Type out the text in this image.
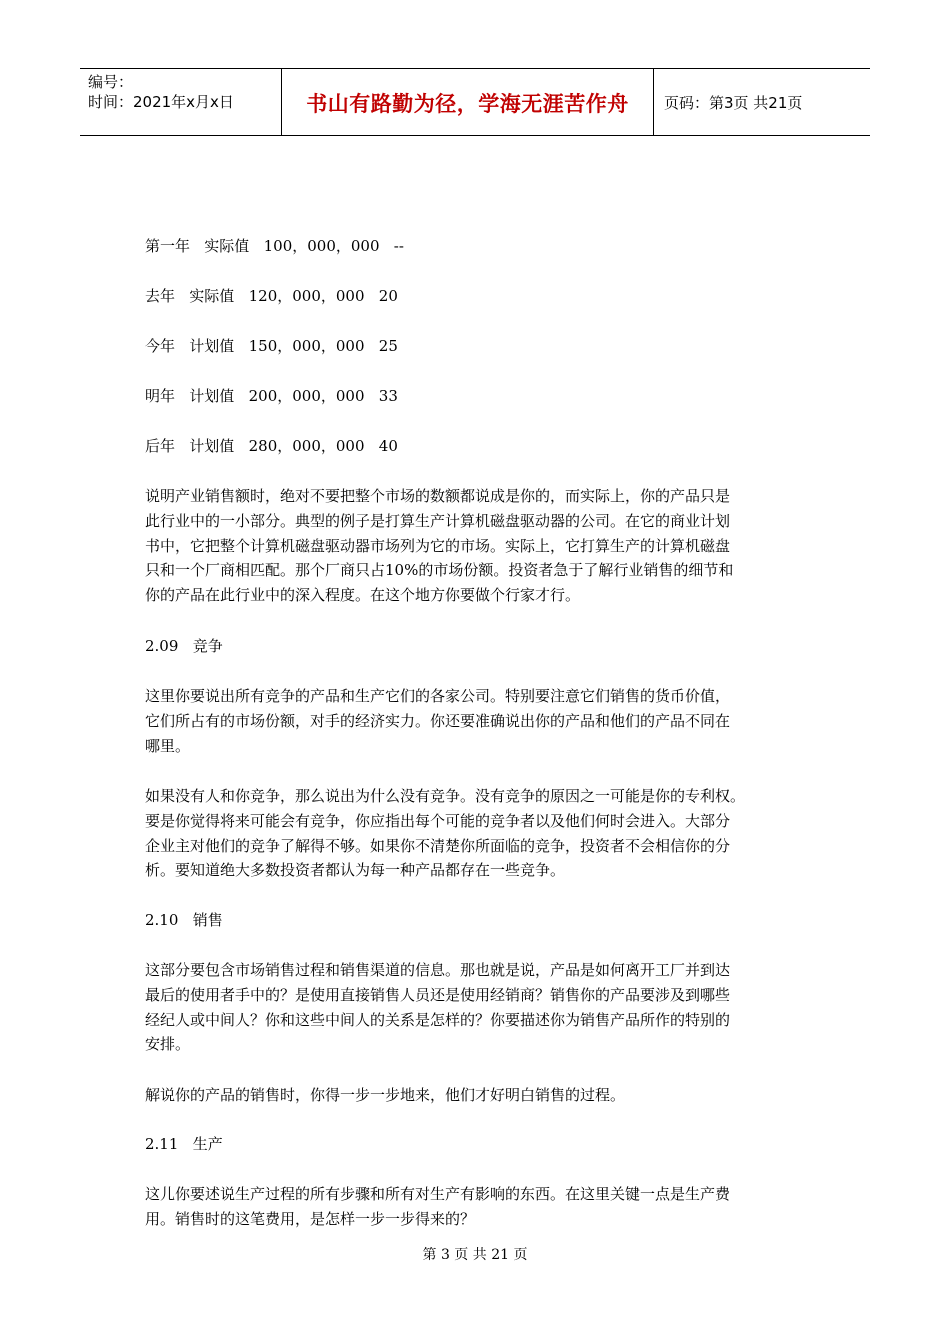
编号：
时间：2021年x月x日	书山有路勤为径，学海无涯苦作舟 页码：第3页 共21页
第一年   实际值   100，000，000   --
去年   实际值   120，000，000   20
今年   计划值   150，000，000   25
明年   计划值   200，000，000   33
后年   计划值   280，000，000   40
说明产业销售额时，绝对不要把整个市场的数额都说成是你的，而实际上，你的产品只是
此行业中的一小部分。典型的例子是打算生产计算机磁盘驱动器的公司。在它的商业计划
书中，它把整个计算机磁盘驱动器市场列为它的市场。实际上，它打算生产的计算机磁盘
只和一个厂商相匹配。那个厂商只占10%的市场份额。投资者急于了解行业销售的细节和
你的产品在此行业中的深入程度。在这个地方你要做个行家才行。
2.09   竞争
这里你要说出所有竞争的产品和生产它们的各家公司。特别要注意它们销售的货币价值，
它们所占有的市场份额，对手的经济实力。你还要准确说出你的产品和他们的产品不同在
哪里。
如果没有人和你竞争，那么说出为什么没有竞争。没有竞争的原因之一可能是你的专利权。
要是你觉得将来可能会有竞争，你应指出每个可能的竞争者以及他们何时会进入。大部分
企业主对他们的竞争了解得不够。如果你不清楚你所面临的竞争，投资者不会相信你的分
析。要知道绝大多数投资者都认为每一种产品都存在一些竞争。
2.10   销售
这部分要包含市场销售过程和销售渠道的信息。那也就是说，产品是如何离开工厂并到达
最后的使用者手中的？是使用直接销售人员还是使用经销商？销售你的产品要涉及到哪些
经纪人或中间人？你和这些中间人的关系是怎样的？你要描述你为销售产品所作的特别的
安排。
解说你的产品的销售时，你得一步一步地来，他们才好明白销售的过程。
2.11   生产
这儿你要述说生产过程的所有步骤和所有对生产有影响的东西。在这里关键一点是生产费
用。销售时的这笔费用，是怎样一步一步得来的？
第 3 页 共 21 页
